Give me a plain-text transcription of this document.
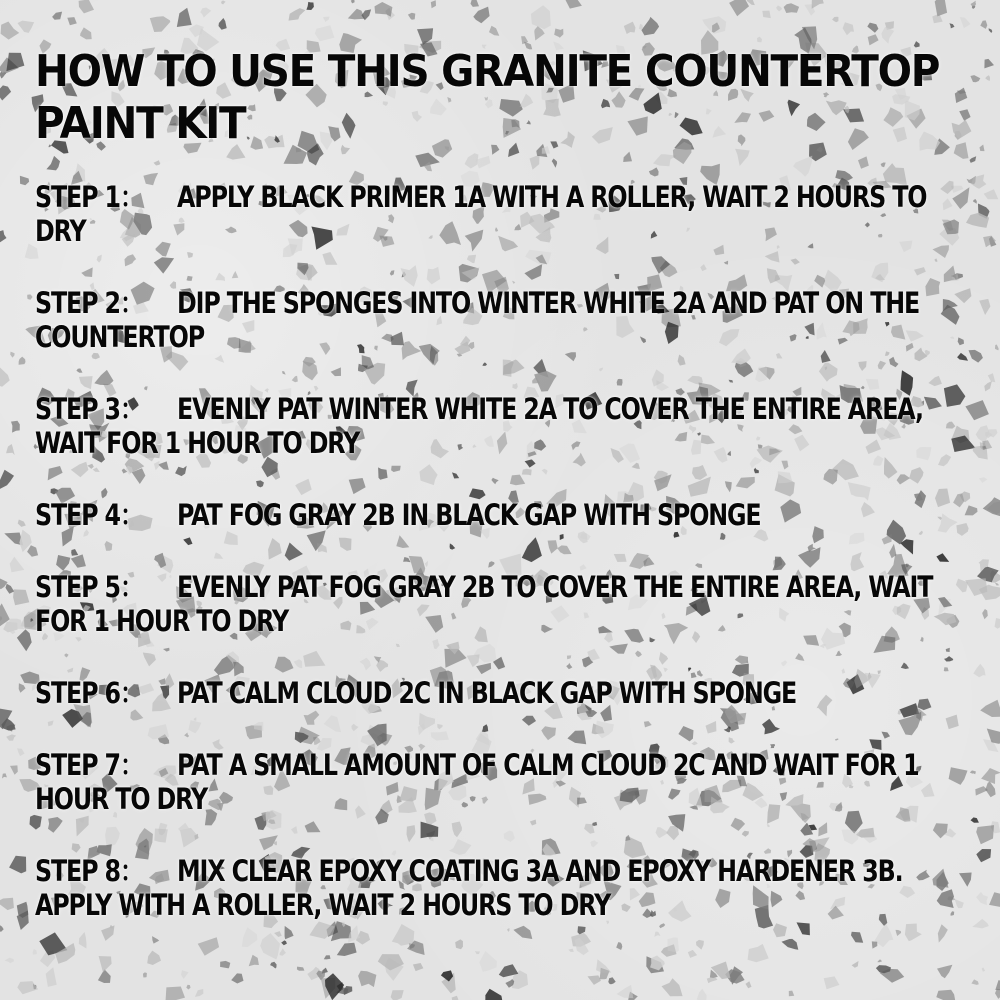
HOW TO USE THIS GRANITE COUNTERTOP PAINT KIT
STEP 1： APPLY BLACK PRIMER 1A WITH A ROLLER, WAIT 2 HOURS TO DRY
STEP 2： DIP THE SPONGES INTO WINTER WHITE 2A AND PAT ON THE COUNTERTOP
STEP 3： EVENLY PAT WINTER WHITE 2A TO COVER THE ENTIRE AREA, WAIT FOR 1 HOUR TO DRY
STEP 4： PAT FOG GRAY 2B IN BLACK GAP WITH SPONGE
STEP 5： EVENLY PAT FOG GRAY 2B TO COVER THE ENTIRE AREA, WAIT FOR 1 HOUR TO DRY
STEP 6： PAT CALM CLOUD 2C IN BLACK GAP WITH SPONGE
STEP 7： PAT A SMALL AMOUNT OF CALM CLOUD 2C AND WAIT FOR 1 HOUR TO DRY
STEP 8： MIX CLEAR EPOXY COATING 3A AND EPOXY HARDENER 3B. APPLY WITH A ROLLER, WAIT 2 HOURS TO DRY
